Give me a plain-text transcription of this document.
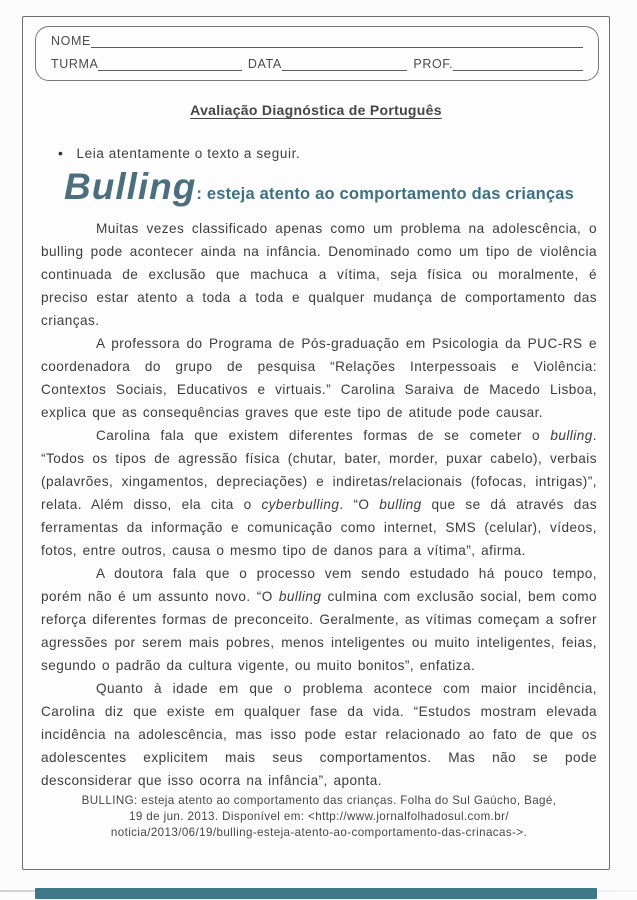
NOME
TURMA	DATA	PROF.
Avaliação Diagnóstica de Português
• Leia atentamente o texto a seguir.
Bulling: esteja atento ao comportamento das crianças

Muitas vezes classificado apenas como um problema na adolescência, o bulling pode acontecer ainda na infância. Denominado como um tipo de violência continuada de exclusão que machuca a vítima, seja física ou moralmente, é preciso estar atento a toda a toda e qualquer mudança de comportamento das crianças.

A professora do Programa de Pós-graduação em Psicologia da PUC-RS e coordenadora do grupo de pesquisa “Relações Interpessoais e Violência: Contextos Sociais, Educativos e virtuais.” Carolina Saraiva de Macedo Lisboa, explica que as consequências graves que este tipo de atitude pode causar.

Carolina fala que existem diferentes formas de se cometer o bulling. “Todos os tipos de agressão física (chutar, bater, morder, puxar cabelo), verbais (palavrões, xingamentos, depreciações) e indiretas/relacionais (fofocas, intrigas)”, relata. Além disso, ela cita o cyberbulling. “O bulling que se dá através das ferramentas da informação e comunicação como internet, SMS (celular), vídeos, fotos, entre outros, causa o mesmo tipo de danos para a vítima”, afirma.

A doutora fala que o processo vem sendo estudado há pouco tempo, porém não é um assunto novo. “O bulling culmina com exclusão social, bem como reforça diferentes formas de preconceito. Geralmente, as vítimas começam a sofrer agressões por serem mais pobres, menos inteligentes ou muito inteligentes, feias, segundo o padrão da cultura vigente, ou muito bonitos”, enfatiza.

Quanto à idade em que o problema acontece com maior incidência, Carolina diz que existe em qualquer fase da vida. “Estudos mostram elevada incidência na adolescência, mas isso pode estar relacionado ao fato de que os adolescentes explicitem mais seus comportamentos. Mas não se pode desconsiderar que isso ocorra na infância”, aponta.

BULLING: esteja atento ao comportamento das crianças. Folha do Sul Gaúcho, Bagé,
19 de jun. 2013. Disponível em: <http://www.jornalfolhadosul.com.br/
noticia/2013/06/19/bulling-esteja-atento-ao-comportamento-das-crinacas->.
